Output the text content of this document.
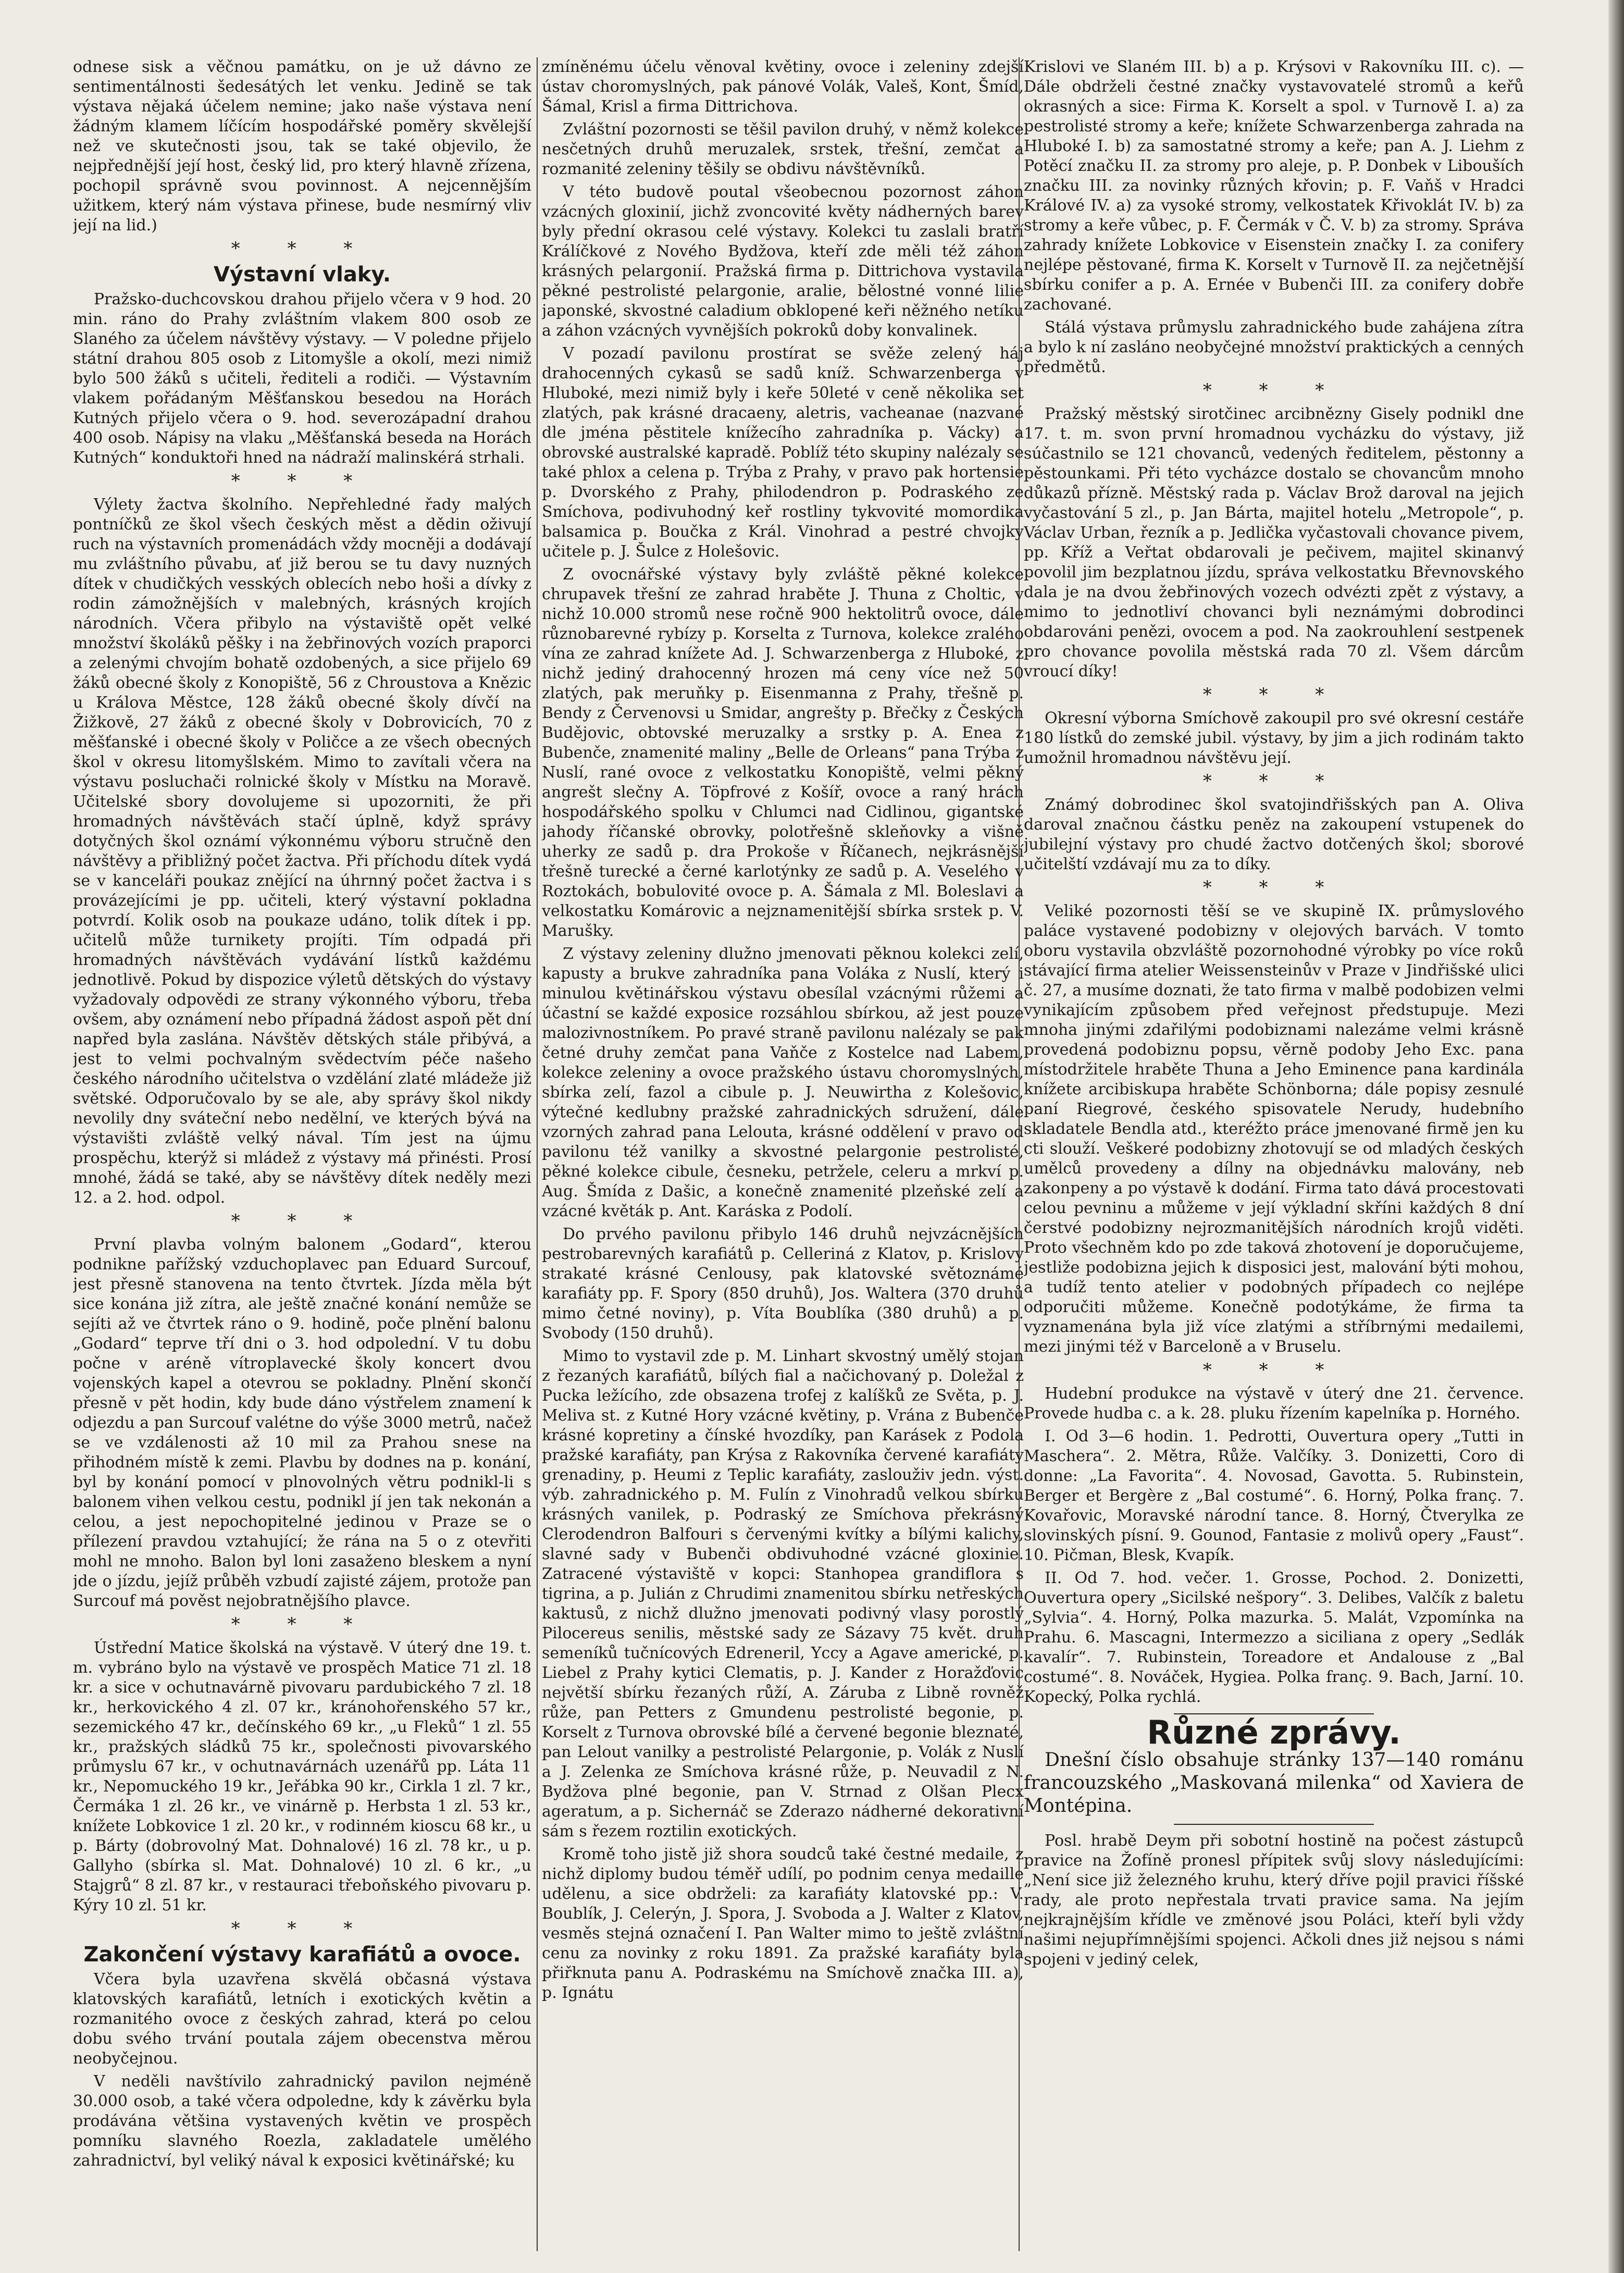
odnese sisk a věčnou památku, on je už dávno ze sentimentálnosti šedesátých let venku. Jedině se tak výstava nějaká účelem nemine; jako naše výstava není žádným klamem líčícím hospodářské poměry skvělejší než ve skutečnosti jsou, tak se také objevilo, že nejpřednější její host, český lid, pro který hlavně zřízena, pochopil správně svou povinnost. A nejcennějším užitkem, který nám výstava přinese, bude nesmírný vliv její na lid.)

* * *
Výstavní vlaky.

Pražsko-duchcovskou drahou přijelo včera v 9 hod. 20 min. ráno do Prahy zvláštním vlakem 800 osob ze Slaného za účelem návštěvy výstavy. — V poledne přijelo státní drahou 805 osob z Litomyšle a okolí, mezi nimiž bylo 500 žáků s učiteli, řediteli a rodiči. — Výstavním vlakem pořádaným Měšťanskou besedou na Horách Kutných přijelo včera o 9. hod. severozápadní drahou 400 osob. Nápisy na vlaku „Měšťanská beseda na Horách Kutných“ konduktoři hned na nádraží malinskérá strhali.

* * *

Výlety žactva školního. Nepřehledné řady malých pontníčků ze škol všech českých měst a dědin oživují ruch na výstavních promenádách vždy mocněji a dodávají mu zvláštního půvabu, ať již berou se tu davy nuzných dítek v chudičkých vesských oblecích nebo hoši a dívky z rodin zámožnějších v malebných, krásných krojích národních. Včera přibylo na výstaviště opět velké množství školáků pěšky i na žebřinových vozích praporci a zelenými chvojím bohatě ozdobených, a sice přijelo 69 žáků obecné školy z Konopiště, 56 z Chroustova a Knězic u Králova Městce, 128 žáků obecné školy dívčí na Žižkově, 27 žáků z obecné školy v Dobrovicích, 70 z měšťanské i obecné školy v Poličce a ze všech obecných škol v okresu litomyšlském. Mimo to zavítali včera na výstavu posluchači rolnické školy v Místku na Moravě. Učitelské sbory dovolujeme si upozorniti, že při hromadných návštěvách stačí úplně, když správy dotyčných škol oznámí výkonnému výboru stručně den návštěvy a přibližný počet žactva. Při příchodu dítek vydá se v kanceláři poukaz znějící na úhrnný počet žactva i s provázejícími je pp. učiteli, který výstavní pokladna potvrdí. Kolik osob na poukaze udáno, tolik dítek i pp. učitelů může turnikety projíti. Tím odpadá při hromadných návštěvách vydávání lístků každému jednotlivě. Pokud by dispozice výletů dětských do výstavy vyžadovaly odpovědi ze strany výkonného výboru, třeba ovšem, aby oznámení nebo případná žádost aspoň pět dní napřed byla zaslána. Návštěv dětských stále přibývá, a jest to velmi pochvalným svědectvím péče našeho českého národního učitelstva o vzdělání zlaté mládeže již světské. Odporučovalo by se ale, aby správy škol nikdy nevolily dny sváteční nebo nedělní, ve kterých bývá na výstavišti zvláště velký nával. Tím jest na újmu prospěchu, kterýž si mládež z výstavy má přinésti. Prosí mnohé, žádá se také, aby se návštěvy dítek neděly mezi 12. a 2. hod. odpol.

* * *

První plavba volným balonem „Godard“, kterou podnikne pařížský vzduchoplavec pan Eduard Surcouf, jest přesně stanovena na tento čtvrtek. Jízda měla být sice konána již zítra, ale ještě značné konání nemůže se sejíti až ve čtvrtek ráno o 9. hodině, poče plnění balonu „Godard“ teprve tří dni o 3. hod odpolední. V tu dobu počne v aréně vítroplavecké školy koncert dvou vojenských kapel a otevrou se pokladny. Plnění skončí přesně v pět hodin, kdy bude dáno výstřelem znamení k odjezdu a pan Surcouf valétne do výše 3000 metrů, načež se ve vzdálenosti až 10 mil za Prahou snese na přihodném místě k zemi. Plavbu by dodnes na p. konání, byl by konání pomocí v plnovolných větru podnikl-li s balonem vihen velkou cestu, podnikl jí jen tak nekonán a celou, a jest nepochopitelné jedinou v Praze se o přílezení pravdou vztahující; že rána na 5 o z otevřiti mohl ne mnoho. Balon byl loni zasaženo bleskem a nyní jde o jízdu, jejíž průběh vzbudí zajisté zájem, protože pan Surcouf má pověst nejobratnějšího plavce.

* * *

Ústřední Matice školská na výstavě. V úterý dne 19. t. m. vybráno bylo na výstavě ve prospěch Matice 71 zl. 18 kr. a sice v ochutnavárně pivovaru pardubického 7 zl. 18 kr., herkovického 4 zl. 07 kr., kránohořenského 57 kr., sezemického 47 kr., dečínského 69 kr., „u Fleků“ 1 zl. 55 kr., pražských sládků 75 kr., společnosti pivovarského průmyslu 67 kr., v ochutnavárnách uzenářů pp. Láta 11 kr., Nepomuckého 19 kr., Jeřábka 90 kr., Cirkla 1 zl. 7 kr., Čermáka 1 zl. 26 kr., ve vinárně p. Herbsta 1 zl. 53 kr., knížete Lobkovice 1 zl. 20 kr., v rodinném kioscu 68 kr., u p. Bárty (dobrovolný Mat. Dohnalové) 16 zl. 78 kr., u p. Gallyho (sbírka sl. Mat. Dohnalové) 10 zl. 6 kr., „u Stajgrů“ 8 zl. 87 kr., v restauraci třeboňského pivovaru p. Kýry 10 zl. 51 kr.

* * *
Zakončení výstavy karafiátů a ovoce.

Včera byla uzavřena skvělá občasná výstava klatovských karafiátů, letních i exotických květin a rozmanitého ovoce z českých zahrad, která po celou dobu svého trvání poutala zájem obecenstva měrou neobyčejnou.

V neděli navštívilo zahradnický pavilon nejméně 30.000 osob, a také včera odpoledne, kdy k závěrku byla prodávána většina vystavených květin ve prospěch pomníku slavného Roezla, zakladatele umělého zahradnictví, byl veliký nával k exposici květinářské; ku

zmíněnému účelu věnoval květiny, ovoce i zeleniny zdejší ústav choromyslných, pak pánové Volák, Valeš, Kont, Šmíd, Šámal, Krisl a firma Dittrichova.

Zvláštní pozornosti se těšil pavilon druhý, v němž kolekce nesčetných druhů meruzalek, srstek, třešní, zemčat a rozmanité zeleniny těšily se obdivu návštěvníků.

V této budově poutal všeobecnou pozornost záhon vzácných gloxinií, jichž zvoncovité květy nádherných barev byly přední okrasou celé výstavy. Kolekci tu zaslali bratří Králíčkové z Nového Bydžova, kteří zde měli též záhon krásných pelargonií. Pražská firma p. Dittrichova vystavila pěkné pestrolisté pelargonie, aralie, bělostné vonné lilie japonské, skvostné caladium obklopené keři něžného netíku a záhon vzácných vyvnějších pokroků doby konvalinek.

V pozadí pavilonu prostírat se svěže zelený háj drahocenných cykasů se sadů kníž. Schwarzenberga v Hluboké, mezi nimiž byly i keře 50leté v ceně několika set zlatých, pak krásné dracaeny, aletris, vacheanae (nazvané dle jména pěstitele knížecího zahradníka p. Vácky) a obrovské australské kapradě. Poblíž této skupiny nalézaly se také phlox a celena p. Trýba z Prahy, v pravo pak hortensie p. Dvorského z Prahy, philodendron p. Podraského ze Smíchova, podivuhodný keř rostliny tykvovité momordika balsamica p. Boučka z Král. Vinohrad a pestré chvojky učitele p. J. Šulce z Holešovic.

Z ovocnářské výstavy byly zvláště pěkné kolekce chrupavek třešní ze zahrad hraběte J. Thuna z Choltic, v nichž 10.000 stromů nese ročně 900 hektolitrů ovoce, dále různobarevné rybízy p. Korselta z Turnova, kolekce zralého vína ze zahrad knížete Ad. J. Schwarzenberga z Hluboké, z nichž jediný drahocenný hrozen má ceny více než 50 zlatých, pak meruňky p. Eisenmanna z Prahy, třešně p. Bendy z Červenovsi u Smidar, angrešty p. Břečky z Českých Budějovic, obtovské meruzalky a srstky p. A. Enea z Bubenče, znamenité maliny „Belle de Orleans“ pana Trýba z Nuslí, rané ovoce z velkostatku Konopiště, velmi pěkný angrešt slečny A. Töpfrové z Košíř, ovoce a raný hrách hospodářského spolku v Chlumci nad Cidlinou, gigantské jahody říčanské obrovky, polotřešně skleňovky a višně uherky ze sadů p. dra Prokoše v Říčanech, nejkrásnější třešně turecké a černé karlotýnky ze sadů p. A. Veselého v Roztokách, bobulovité ovoce p. A. Šámala z Ml. Boleslavi a velkostatku Komárovic a nejznamenitější sbírka srstek p. V. Marušky.

Z výstavy zeleniny dlužno jmenovati pěknou kolekci zelí, kapusty a brukve zahradníka pana Voláka z Nuslí, který i minulou květinářskou výstavu obesílal vzácnými růžemi a účastní se každé exposice rozsáhlou sbírkou, až jest pouze malozivnostníkem. Po pravé straně pavilonu nalézaly se pak četné druhy zemčat pana Vaňče z Kostelce nad Labem, kolekce zeleniny a ovoce pražského ústavu choromyslných, sbírka zelí, fazol a cibule p. J. Neuwirtha z Kolešovic, výtečné kedlubny pražské zahradnických sdružení, dále vzorných zahrad pana Lelouta, krásné oddělení v pravo od pavilonu též vanilky a skvostné pelargonie pestrolisté, pěkné kolekce cibule, česneku, petržele, celeru a mrkví p. Aug. Šmída z Dašic, a konečně znamenité plzeňské zelí a vzácné květák p. Ant. Karáska z Podolí.

Do prvého pavilonu přibylo 146 druhů nejvzácnějších pestrobarevných karafiátů p. Celleriná z Klatov, p. Krislovy strakaté krásné Cenlousy, pak klatovské světoznámé karafiáty pp. F. Spory (850 druhů), Jos. Waltera (370 druhů mimo četné noviny), p. Víta Boublíka (380 druhů) a p. Svobody (150 druhů).

Mimo to vystavil zde p. M. Linhart skvostný umělý stojan z řezaných karafiátů, bílých fial a načichovaný p. Doležal z Pucka ležícího, zde obsazena trofej z kalíšků ze Světa, p. J. Meliva st. z Kutné Hory vzácné květiny, p. Vrána z Bubenče krásné kopretiny a čínské hvozdíky, pan Karásek z Podola pražské karafiáty, pan Krýsa z Rakovníka červené karafiáty grenadiny, p. Heumi z Teplic karafiáty, zaslouživ jedn. výst. výb. zahradnického p. M. Fulín z Vinohradů velkou sbírku krásných vanilek, p. Podraský ze Smíchova překrásný Clerodendron Balfouri s červenými kvítky a bílými kalichy, slavné sady v Bubenči obdivuhodné vzácné gloxinie. Zatracené výstaviště v kopci: Stanhopea grandiflora s tigrina, a p. Julián z Chrudimi znamenitou sbírku netřeských kaktusů, z nichž dlužno jmenovati podivný vlasy porostlý Pilocereus senilis, městské sady ze Sázavy 75 květ. druh semeníků tučnícových Edreneril, Yccy a Agave americké, p. Liebel z Prahy kytici Clematis, p. J. Kander z Horažďovic největší sbírku řezaných růží, A. Záruba z Libně rovněž růže, pan Petters z Gmundenu pestrolisté begonie, p. Korselt z Turnova obrovské bílé a červené begonie bleznaté, pan Lelout vanilky a pestrolisté Pelargonie, p. Volák z Nuslí a J. Zelenka ze Smíchova krásné růže, p. Neuvadil z N. Bydžova plné begonie, pan V. Strnad z Olšan Plecx ageratum, a p. Sichernáč se Zderazo nádherné dekorativní sám s řezem roztilin exotických.

Kromě toho jistě již shora soudců také čestné medaile, z nichž diplomy budou téměř udílí, po podnim cenya medaille udělenu, a sice obdrželi: za karafiáty klatovské pp.: V. Boublík, J. Celerýn, J. Spora, J. Svoboda a J. Walter z Klatov, vesměs stejná označení I. Pan Walter mimo to ještě zvláštní cenu za novinky z roku 1891. Za pražské karafiáty byla přiřknuta panu A. Podraskému na Smíchově značka III. a), p. Ignátu

Krislovi ve Slaném III. b) a p. Krýsovi v Rakovníku III. c). — Dále obdrželi čestné značky vystavovatelé stromů a keřů okrasných a sice: Firma K. Korselt a spol. v Turnově I. a) za pestrolisté stromy a keře; knížete Schwarzenberga zahrada na Hluboké I. b) za samostatné stromy a keře; pan A. J. Liehm z Potěcí značku II. za stromy pro aleje, p. P. Donbek v Libouších značku III. za novinky různých křovin; p. F. Vaňš v Hradci Králové IV. a) za vysoké stromy, velkostatek Křivoklát IV. b) za stromy a keře vůbec, p. F. Čermák v Č. V. b) za stromy. Správa zahrady knížete Lobkovice v Eisenstein značky I. za conifery nejlépe pěstované, firma K. Korselt v Turnově II. za nejčetnější sbírku conifer a p. A. Ernée v Bubenči III. za conifery dobře zachované.

Stálá výstava průmyslu zahradnického bude zahájena zítra a bylo k ní zasláno neobyčejné množství praktických a cenných předmětů.

* * *

Pražský městský sirotčinec arcibnězny Gisely podnikl dne 17. t. m. svon první hromadnou vycházku do výstavy, již súčastnilo se 121 chovanců, vedených ředitelem, pěstonny a pěstounkami. Při této vycházce dostalo se chovancům mnoho důkazů přízně. Městský rada p. Václav Brož daroval na jejich vyčastování 5 zl., p. Jan Bárta, majitel hotelu „Metropole“, p. Václav Urban, řezník a p. Jedlička vyčastovali chovance pivem, pp. Kříž a Veřtat obdarovali je pečivem, majitel skinanvý povolil jim bezplatnou jízdu, správa velkostatku Břevnovského dala je na dvou žebřinových vozech odvézti zpět z výstavy, a mimo to jednotliví chovanci byli neznámými dobrodinci obdarováni penězi, ovocem a pod. Na zaokrouhlení sestpenek pro chovance povolila městská rada 70 zl. Všem dárcům vroucí díky!

* * *

Okresní výborna Smíchově zakoupil pro své okresní cestáře 180 lístků do zemské jubil. výstavy, by jim a jich rodinám takto umožnil hromadnou návštěvu její.

* * *

Známý dobrodinec škol svatojindřišských pan A. Oliva daroval značnou částku peněz na zakoupení vstupenek do jubilejní výstavy pro chudé žactvo dotčených škol; sborové učitelští vzdávají mu za to díky.

* * *

Veliké pozornosti těší se ve skupině IX. průmyslového paláce vystavené podobizny v olejových barvách. V tomto oboru vystavila obzvláště pozornohodné výrobky po více roků stávající firma atelier Weissensteinův v Praze v Jindřišské ulici č. 27, a musíme doznati, že tato firma v malbě podobizen velmi vynikajícím způsobem před veřejnost předstupuje. Mezi mnoha jinými zdařilými podobiznami nalezáme velmi krásně provedená podobiznu popsu, věrně podoby Jeho Exc. pana místodržitele hraběte Thuna a Jeho Eminence pana kardinála knížete arcibiskupa hraběte Schönborna; dále popisy zesnulé paní Riegrové, českého spisovatele Nerudy, hudebního skladatele Bendla atd., kteréžto práce jmenované firmě jen ku cti slouží. Veškeré podobizny zhotovují se od mladých českých umělců provedeny a dílny na objednávku malovány, neb zakonpeny a po výstavě k dodání. Firma tato dává procestovati celou pevninu a můžeme v její výkladní skříni každých 8 dní čerstvé podobizny nejrozmanitějších národních krojů viděti. Proto všechněm kdo po zde taková zhotovení je doporučujeme, jestliže podobizna jejich k disposici jest, malování býti mohou, a tudíž tento atelier v podobných případech co nejlépe odporučiti můžeme. Konečně podotýkáme, že firma ta vyznamenána byla již více zlatými a stříbrnými medailemi, mezi jinými též v Barceloně a v Bruselu.

* * *

Hudební produkce na výstavě v úterý dne 21. července. Provede hudba c. a k. 28. pluku řízením kapelníka p. Horného.

I. Od 3—6 hodin. 1. Pedrotti, Ouvertura opery „Tutti in Maschera“. 2. Mětra, Růže. Valčíky. 3. Donizetti, Coro di donne: „La Favorita“. 4. Novosad, Gavotta. 5. Rubinstein, Berger et Bergère z „Bal costumé“. 6. Horný, Polka franç. 7. Kovařovic, Moravské národní tance. 8. Horný, Čtverylka ze slovinských písní. 9. Gounod, Fantasie z molivů opery „Faust“. 10. Pičman, Blesk, Kvapík.

II. Od 7. hod. večer. 1. Grosse, Pochod. 2. Donizetti, Ouvertura opery „Sicilské nešpory“. 3. Delibes, Valčík z baletu „Sylvia“. 4. Horný, Polka mazurka. 5. Malát, Vzpomínka na Prahu. 6. Mascagni, Intermezzo a siciliana z opery „Sedlák kavalír“. 7. Rubinstein, Toreadore et Andalouse z „Bal costumé“. 8. Nováček, Hygiea. Polka franç. 9. Bach, Jarní. 10. Kopecký, Polka rychlá.

Různé zprávy.

Dnešní číslo obsahuje stránky 137—140 románu francouzského „Maskovaná milenka“ od Xaviera de Montépina.

Posl. hrabě Deym při sobotní hostině na počest zástupců pravice na Žofíně pronesl přípitek svůj slovy následujícími: „Není sice již železného kruhu, který dříve pojil pravici říšské rady, ale proto nepřestala trvati pravice sama. Na jejím nejkrajnějším křídle ve změnové jsou Poláci, kteří byli vždy našimi nejupřímnějšími spojenci. Ačkoli dnes již nejsou s námi spojeni v jediný celek,
